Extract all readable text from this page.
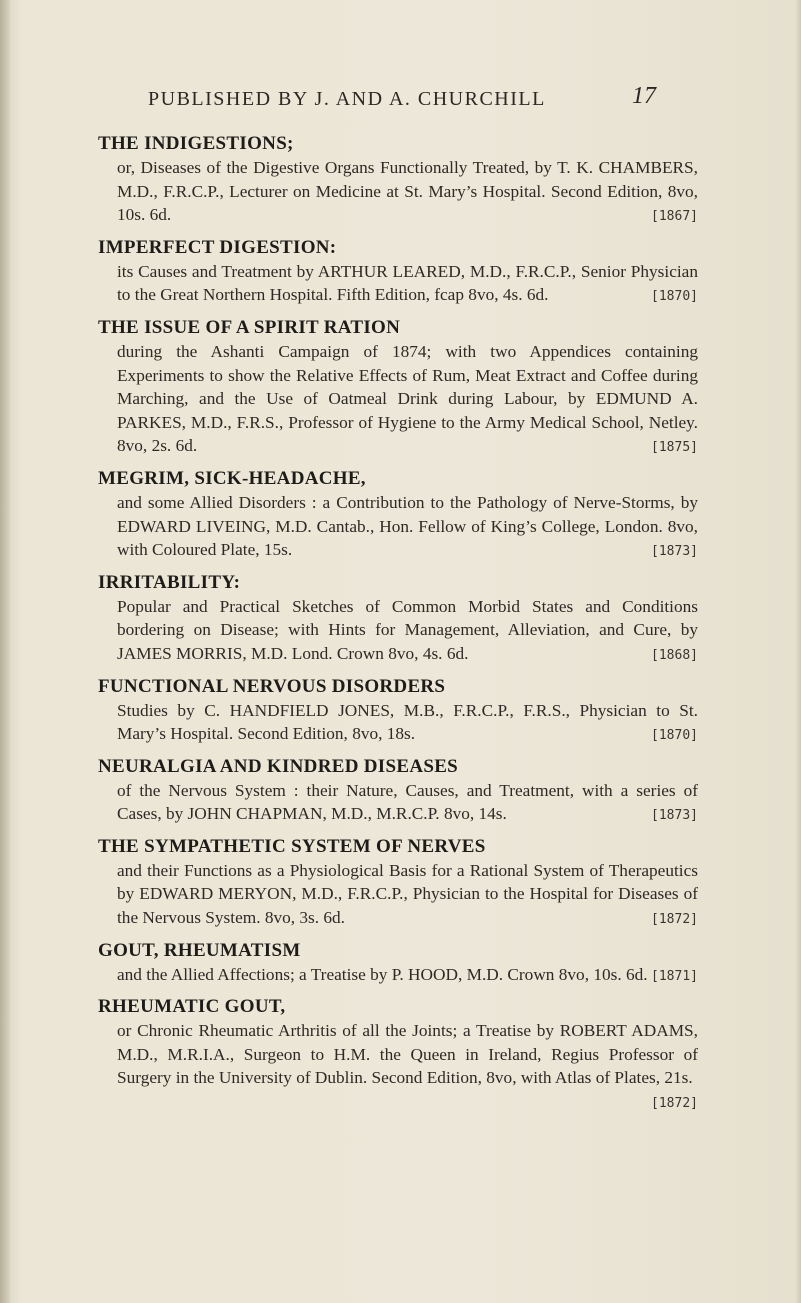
PUBLISHED BY J. AND A. CHURCHILL	17
THE INDIGESTIONS;
or, Diseases of the Digestive Organs Functionally Treated, by T. K. CHAMBERS, M.D., F.R.C.P., Lecturer on Medicine at St. Mary’s Hospital. Second Edition, 8vo, 10s. 6d.	[1867]
IMPERFECT DIGESTION:
its Causes and Treatment by ARTHUR LEARED, M.D., F.R.C.P., Senior Physician to the Great Northern Hospital. Fifth Edition, fcap 8vo, 4s. 6d.	[1870]
THE ISSUE OF A SPIRIT RATION
during the Ashanti Campaign of 1874; with two Appendices containing Experiments to show the Relative Effects of Rum, Meat Extract and Coffee during Marching, and the Use of Oatmeal Drink during Labour, by EDMUND A. PARKES, M.D., F.R.S., Professor of Hygiene to the Army Medical School, Netley. 8vo, 2s. 6d.	[1875]
MEGRIM, SICK-HEADACHE,
and some Allied Disorders : a Contribution to the Pathology of Nerve-Storms, by EDWARD LIVEING, M.D. Cantab., Hon. Fellow of King’s College, London. 8vo, with Coloured Plate, 15s.	[1873]
IRRITABILITY:
Popular and Practical Sketches of Common Morbid States and Conditions bordering on Disease; with Hints for Management, Alleviation, and Cure, by JAMES MORRIS, M.D. Lond. Crown 8vo, 4s. 6d.	[1868]
FUNCTIONAL NERVOUS DISORDERS
Studies by C. HANDFIELD JONES, M.B., F.R.C.P., F.R.S., Physician to St. Mary’s Hospital. Second Edition, 8vo, 18s.	[1870]
NEURALGIA AND KINDRED DISEASES
of the Nervous System : their Nature, Causes, and Treatment, with a series of Cases, by JOHN CHAPMAN, M.D., M.R.C.P. 8vo, 14s.	[1873]
THE SYMPATHETIC SYSTEM OF NERVES
and their Functions as a Physiological Basis for a Rational System of Therapeutics by EDWARD MERYON, M.D., F.R.C.P., Physician to the Hospital for Diseases of the Nervous System. 8vo, 3s. 6d.	[1872]
GOUT, RHEUMATISM
and the Allied Affections; a Treatise by P. HOOD, M.D. Crown 8vo, 10s. 6d. [1871]
RHEUMATIC GOUT,
or Chronic Rheumatic Arthritis of all the Joints; a Treatise by ROBERT ADAMS, M.D., M.R.I.A., Surgeon to H.M. the Queen in Ireland, Regius Professor of Surgery in the University of Dublin. Second Edition, 8vo, with Atlas of Plates, 21s.
[1872]
